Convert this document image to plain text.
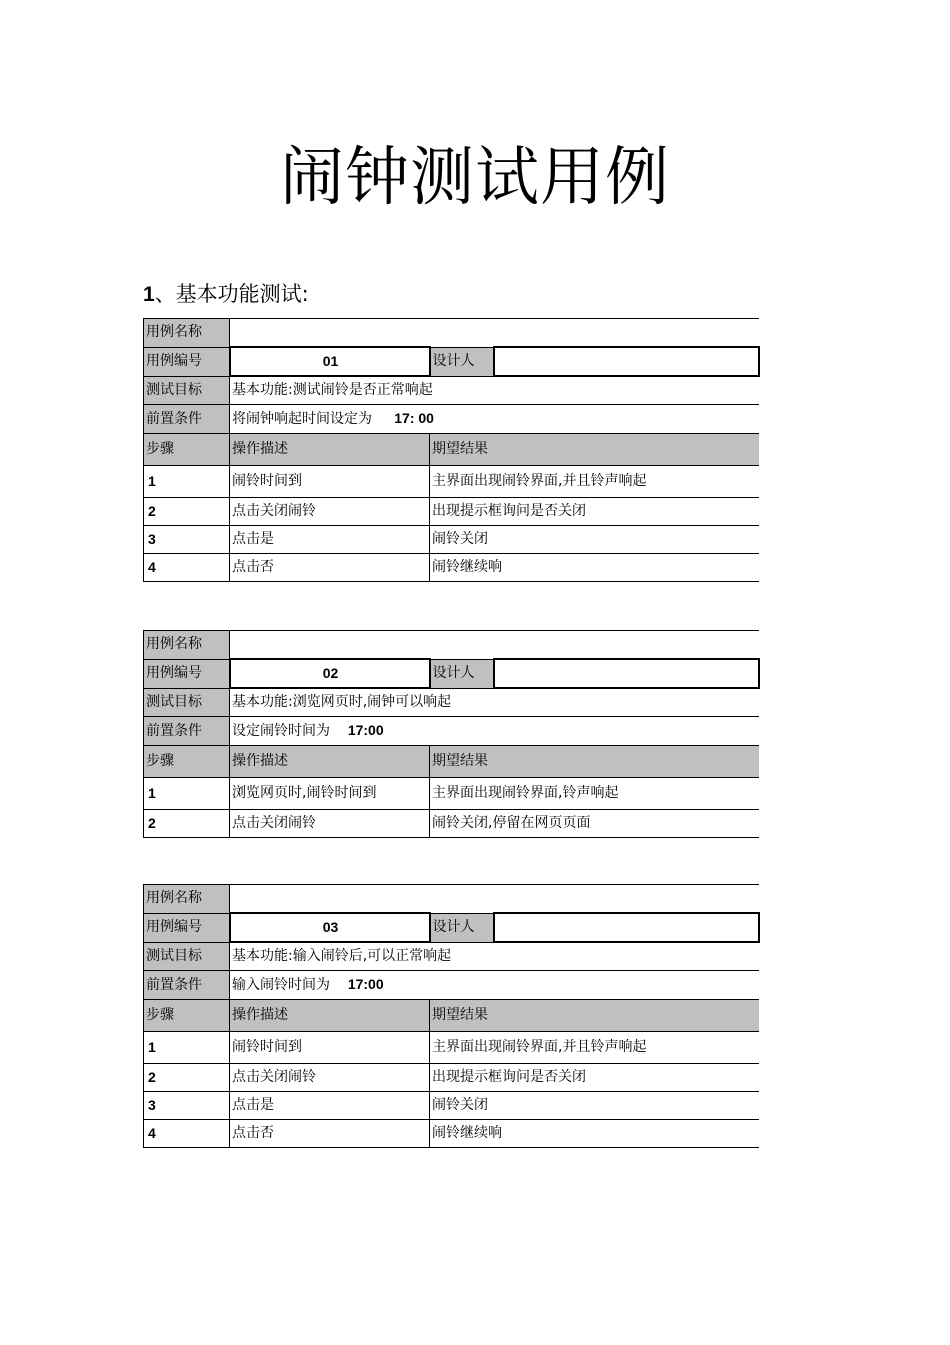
闹钟测试用例
1、基本功能测试:
用例名称			
用例编号	01	设计人	
测试目标	基本功能:测试闹铃是否正常响起		
前置条件	将闹钟响起时间设定为 17: 00		
步骤	操作描述	期望结果	
1	闹铃时间到	主界面出现闹铃界面,并且铃声响起	
2	点击关闭闹铃	出现提示框询问是否关闭	
3	点击是	闹铃关闭	
4	点击否	闹铃继续响	
用例名称			
用例编号	02	设计人	
测试目标	基本功能:浏览网页时,闹钟可以响起		
前置条件	设定闹铃时间为 17:00		
步骤	操作描述	期望结果	
1	浏览网页时,闹铃时间到	主界面出现闹铃界面,铃声响起	
2	点击关闭闹铃	闹铃关闭,停留在网页页面	
用例名称			
用例编号	03	设计人	
测试目标	基本功能:输入闹铃后,可以正常响起		
前置条件	输入闹铃时间为 17:00		
步骤	操作描述	期望结果	
1	闹铃时间到	主界面出现闹铃界面,并且铃声响起	
2	点击关闭闹铃	出现提示框询问是否关闭	
3	点击是	闹铃关闭	
4	点击否	闹铃继续响	
